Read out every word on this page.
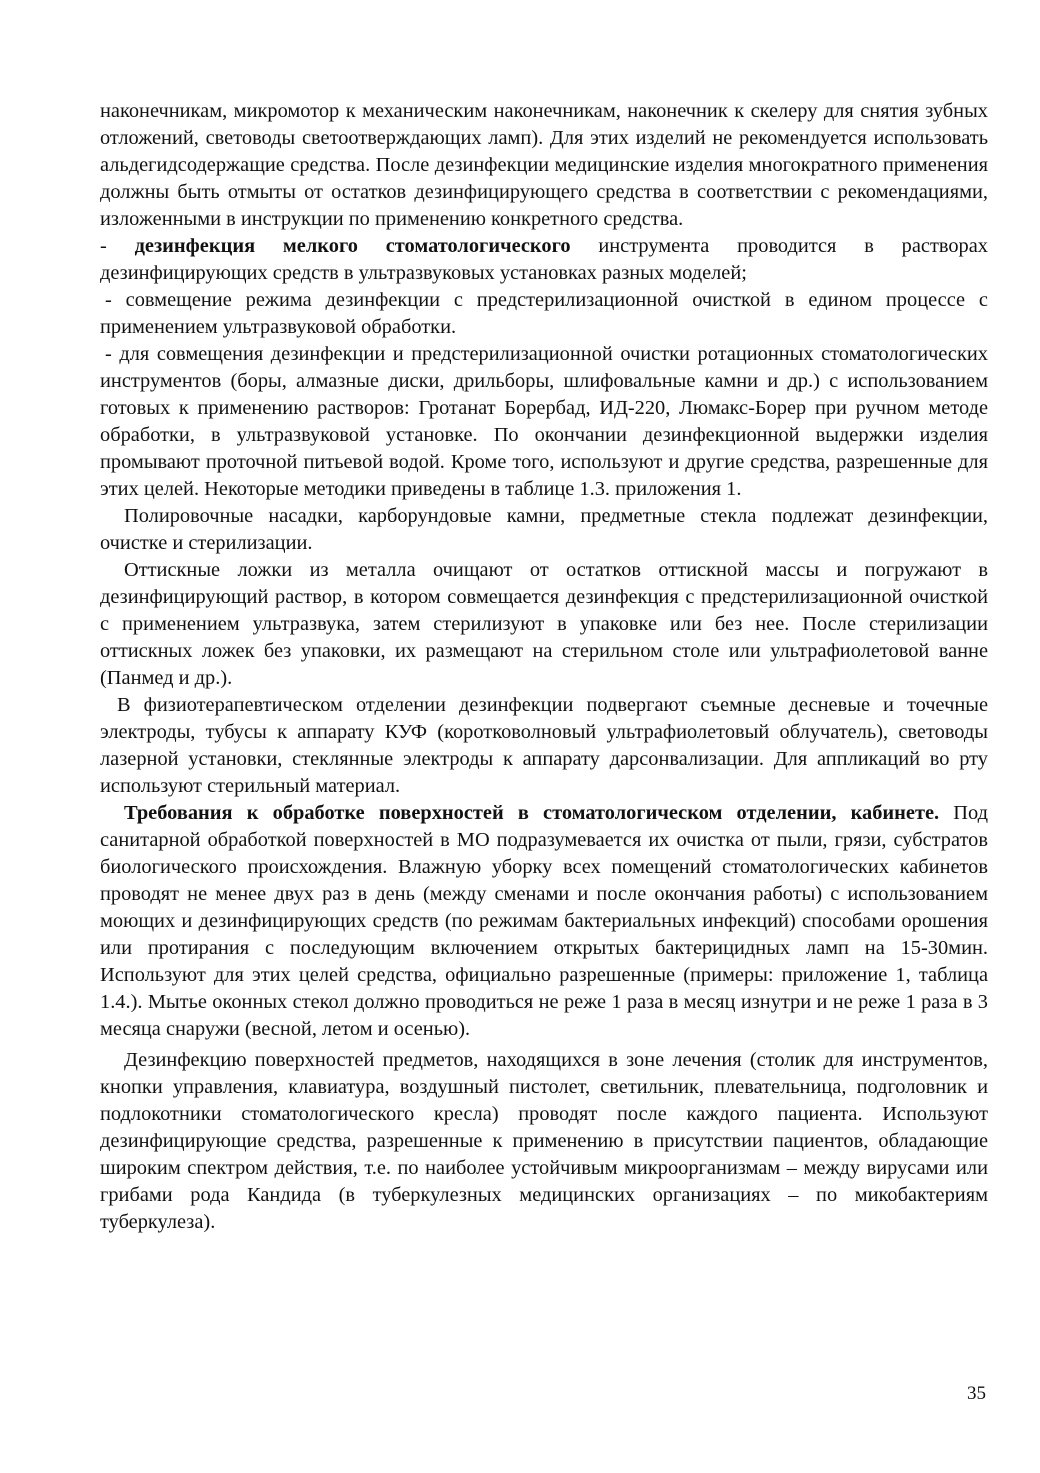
наконечникам, микромотор к механическим наконечникам, наконечник к скелеру для снятия зубных отложений, световоды светоотверждающих ламп). Для этих изделий не рекомендуется использовать альдегидсодержащие средства. После дезинфекции медицинские изделия многократного применения должны быть отмыты от остатков дезинфицирующего средства в соответствии с рекомендациями, изложенными в инструкции по применению конкретного средства.

- дезинфекция мелкого стоматологического инструмента проводится в растворах дезинфицирующих средств в ультразвуковых установках разных моделей;

- совмещение режима дезинфекции с предстерилизационной очисткой в едином процессе с применением ультразвуковой обработки.

- для совмещения дезинфекции и предстерилизационной очистки ротационных стоматологических инструментов (боры, алмазные диски, дрильборы, шлифовальные камни и др.) с использованием готовых к применению растворов: Гротанат Борербад, ИД-220, Люмакс-Борер при ручном методе обработки, в ультразвуковой установке. По окончании дезинфекционной выдержки изделия промывают проточной питьевой водой. Кроме того, используют и другие средства, разрешенные для этих целей. Некоторые методики приведены в таблице 1.3. приложения 1.

Полировочные насадки, карборундовые камни, предметные стекла подлежат дезинфекции, очистке и стерилизации.

Оттискные ложки из металла очищают от остатков оттискной массы и погружают в дезинфицирующий раствор, в котором совмещается дезинфекция с предстерилизационной очисткой с применением ультразвука, затем стерилизуют в упаковке или без нее. После стерилизации оттискных ложек без упаковки, их размещают на стерильном столе или ультрафиолетовой ванне (Панмед и др.).

В физиотерапевтическом отделении дезинфекции подвергают съемные десневые и точечные электроды, тубусы к аппарату КУФ (коротковолновый ультрафиолетовый облучатель), световоды лазерной установки, стеклянные электроды к аппарату дарсонвализации. Для аппликаций во рту используют стерильный материал.

Требования к обработке поверхностей в стоматологическом отделении, кабинете. Под санитарной обработкой поверхностей в МО подразумевается их очистка от пыли, грязи, субстратов биологического происхождения. Влажную уборку всех помещений стоматологических кабинетов проводят не менее двух раз в день (между сменами и после окончания работы) с использованием моющих и дезинфицирующих средств (по режимам бактериальных инфекций) способами орошения или протирания с последующим включением открытых бактерицидных ламп на 15-30мин. Используют для этих целей средства, официально разрешенные (примеры: приложение 1, таблица 1.4.). Мытье оконных стекол должно проводиться не реже 1 раза в месяц изнутри и не реже 1 раза в 3 месяца снаружи (весной, летом и осенью).

Дезинфекцию поверхностей предметов, находящихся в зоне лечения (столик для инструментов, кнопки управления, клавиатура, воздушный пистолет, светильник, плевательница, подголовник и подлокотники стоматологического кресла) проводят после каждого пациента. Используют дезинфицирующие средства, разрешенные к применению в присутствии пациентов, обладающие широким спектром действия, т.е. по наиболее устойчивым микроорганизмам – между вирусами или грибами рода Кандида (в туберкулезных медицинских организациях – по микобактериям туберкулеза).

35
